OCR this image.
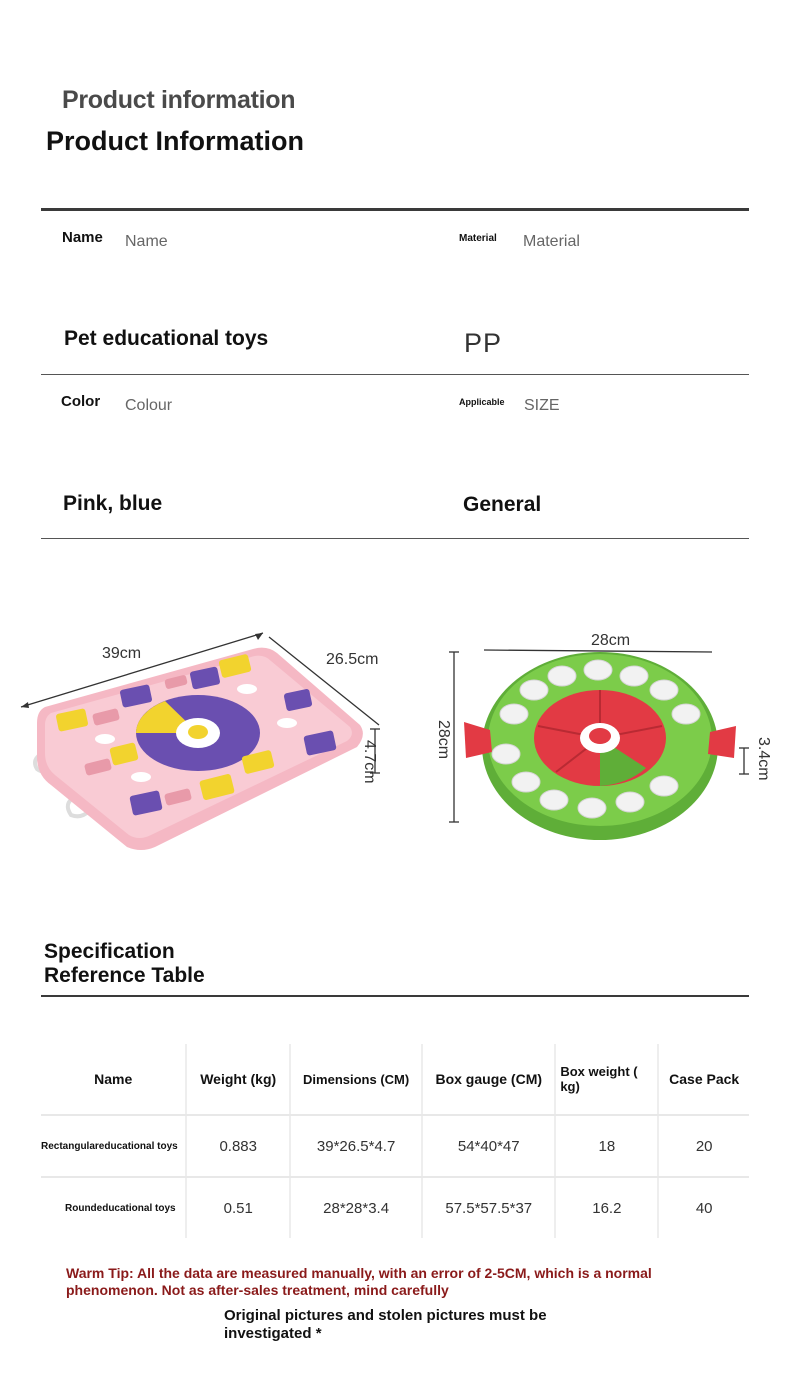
Product information
Product Information
Name Name	Material Material
Pet educational toys	PP
Color Colour	Applicable SIZE
Pink, blue	General
39cm	26.5cm
4.7cm
28cm
28cm	3.4cm
Specification
Reference Table
Name	Weight (kg)	Dimensions (CM)	Box gauge (CM)	Box weight ( kg)	Case Pack
Rectangulareducational toys	0.883	39*26.5*4.7	54*40*47	18	20
Roundeducational toys	0.51	28*28*3.4	57.5*57.5*37	16.2	40
Warm Tip: All the data are measured manually, with an error of 2-5CM, which is a normal phenomenon. Not as after-sales treatment, mind carefully
Original pictures and stolen pictures must be investigated *
